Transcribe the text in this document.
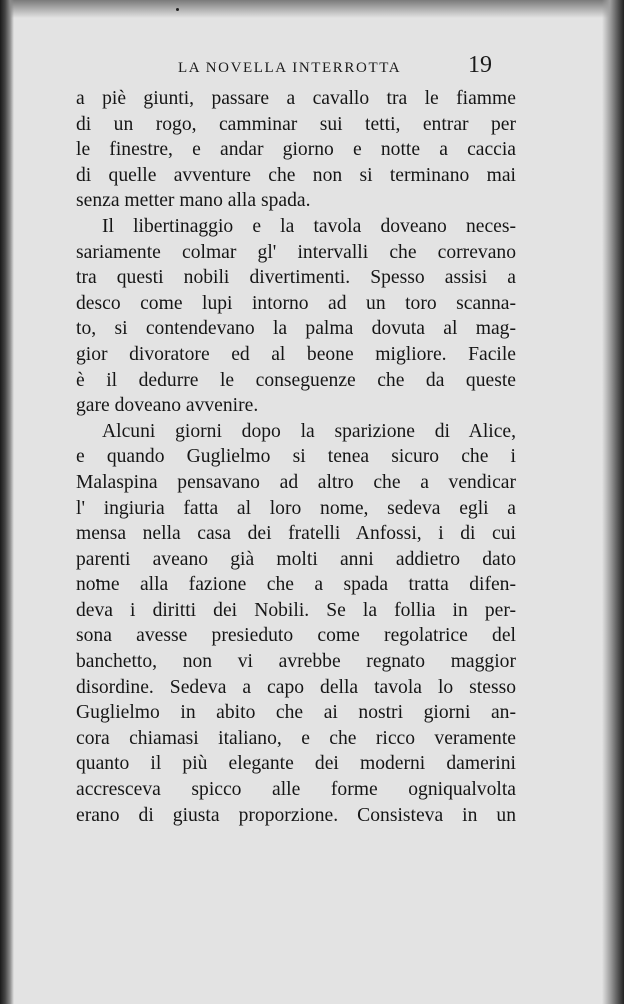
LA NOVELLA INTERROTTA	19
a piè giunti, passare a cavallo tra le fiamme
di un rogo, camminar sui tetti, entrar per
le finestre, e andar giorno e notte a caccia
di quelle avventure che non si terminano mai
senza metter mano alla spada.
Il libertinaggio e la tavola doveano neces-
sariamente colmar gl' intervalli che correvano
tra questi nobili divertimenti. Spesso assisi a
desco come lupi intorno ad un toro scanna-
to, si contendevano la palma dovuta al mag-
gior divoratore ed al beone migliore. Facile
è il dedurre le conseguenze che da queste
gare doveano avvenire.
Alcuni giorni dopo la sparizione di Alice,
e quando Guglielmo si tenea sicuro che i
Malaspina pensavano ad altro che a vendicar
l' ingiuria fatta al loro nome, sedeva egli a
mensa nella casa dei fratelli Anfossi, i di cui
parenti aveano già molti anni addietro dato
nome alla fazione che a spada tratta difen-
deva i diritti dei Nobili. Se la follia in per-
sona avesse presieduto come regolatrice del
banchetto, non vi avrebbe regnato maggior
disordine. Sedeva a capo della tavola lo stesso
Guglielmo in abito che ai nostri giorni an-
cora chiamasi italiano, e che ricco veramente
quanto il più elegante dei moderni damerini
accresceva spicco alle forme ogniqualvolta
erano di giusta proporzione. Consisteva in un
